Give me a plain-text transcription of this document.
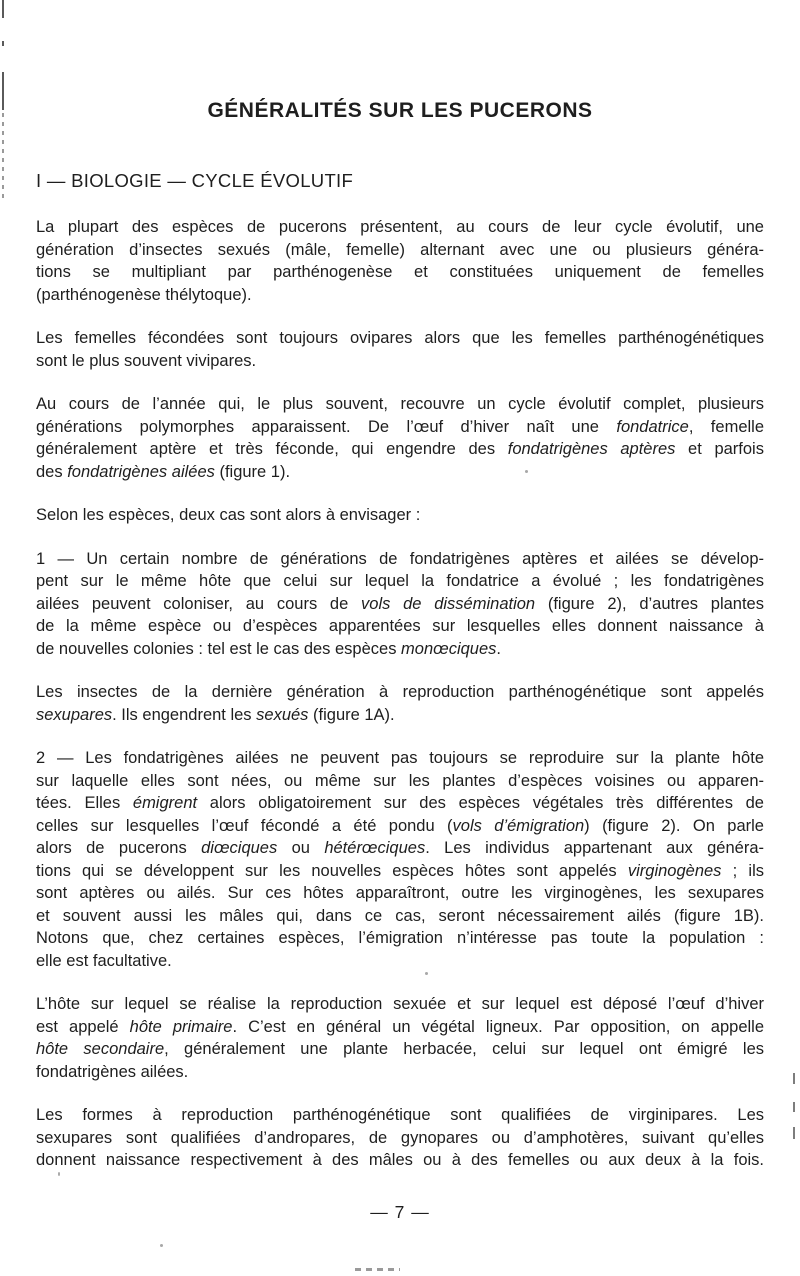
GÉNÉRALITÉS SUR LES PUCERONS
I — BIOLOGIE — CYCLE ÉVOLUTIF
La plupart des espèces de pucerons présentent, au cours de leur cycle évolutif, une
génération d’insectes sexués (mâle, femelle) alternant avec une ou plusieurs généra-
tions se multipliant par parthénogenèse et constituées uniquement de femelles
(parthénogenèse thélytoque).
Les femelles fécondées sont toujours ovipares alors que les femelles parthénogénétiques
sont le plus souvent vivipares.
Au cours de l’année qui, le plus souvent, recouvre un cycle évolutif complet, plusieurs
générations polymorphes apparaissent. De l’œuf d’hiver naît une fondatrice, femelle
généralement aptère et très féconde, qui engendre des fondatrigènes aptères et parfois
des fondatrigènes ailées (figure 1).
Selon les espèces, deux cas sont alors à envisager :
1 — Un certain nombre de générations de fondatrigènes aptères et ailées se dévelop-
pent sur le même hôte que celui sur lequel la fondatrice a évolué ; les fondatrigènes
ailées peuvent coloniser, au cours de vols de dissémination (figure 2), d’autres plantes
de la même espèce ou d’espèces apparentées sur lesquelles elles donnent naissance à
de nouvelles colonies : tel est le cas des espèces monœciques.
Les insectes de la dernière génération à reproduction parthénogénétique sont appelés
sexupares. Ils engendrent les sexués (figure 1A).
2 — Les fondatrigènes ailées ne peuvent pas toujours se reproduire sur la plante hôte
sur laquelle elles sont nées, ou même sur les plantes d’espèces voisines ou apparen-
tées. Elles émigrent alors obligatoirement sur des espèces végétales très différentes de
celles sur lesquelles l’œuf fécondé a été pondu (vols d’émigration) (figure 2). On parle
alors de pucerons diœciques ou hétérœciques. Les individus appartenant aux généra-
tions qui se développent sur les nouvelles espèces hôtes sont appelés virginogènes ; ils
sont aptères ou ailés. Sur ces hôtes apparaîtront, outre les virginogènes, les sexupares
et souvent aussi les mâles qui, dans ce cas, seront nécessairement ailés (figure 1B).
Notons que, chez certaines espèces, l’émigration n’intéresse pas toute la population :
elle est facultative.
L’hôte sur lequel se réalise la reproduction sexuée et sur lequel est déposé l’œuf d’hiver
est appelé hôte primaire. C’est en général un végétal ligneux. Par opposition, on appelle
hôte secondaire, généralement une plante herbacée, celui sur lequel ont émigré les
fondatrigènes ailées.
Les formes à reproduction parthénogénétique sont qualifiées de virginipares. Les
sexupares sont qualifiées d’andropares, de gynopares ou d’amphotères, suivant qu’elles
donnent naissance respectivement à des mâles ou à des femelles ou aux deux à la fois.
— 7 —
